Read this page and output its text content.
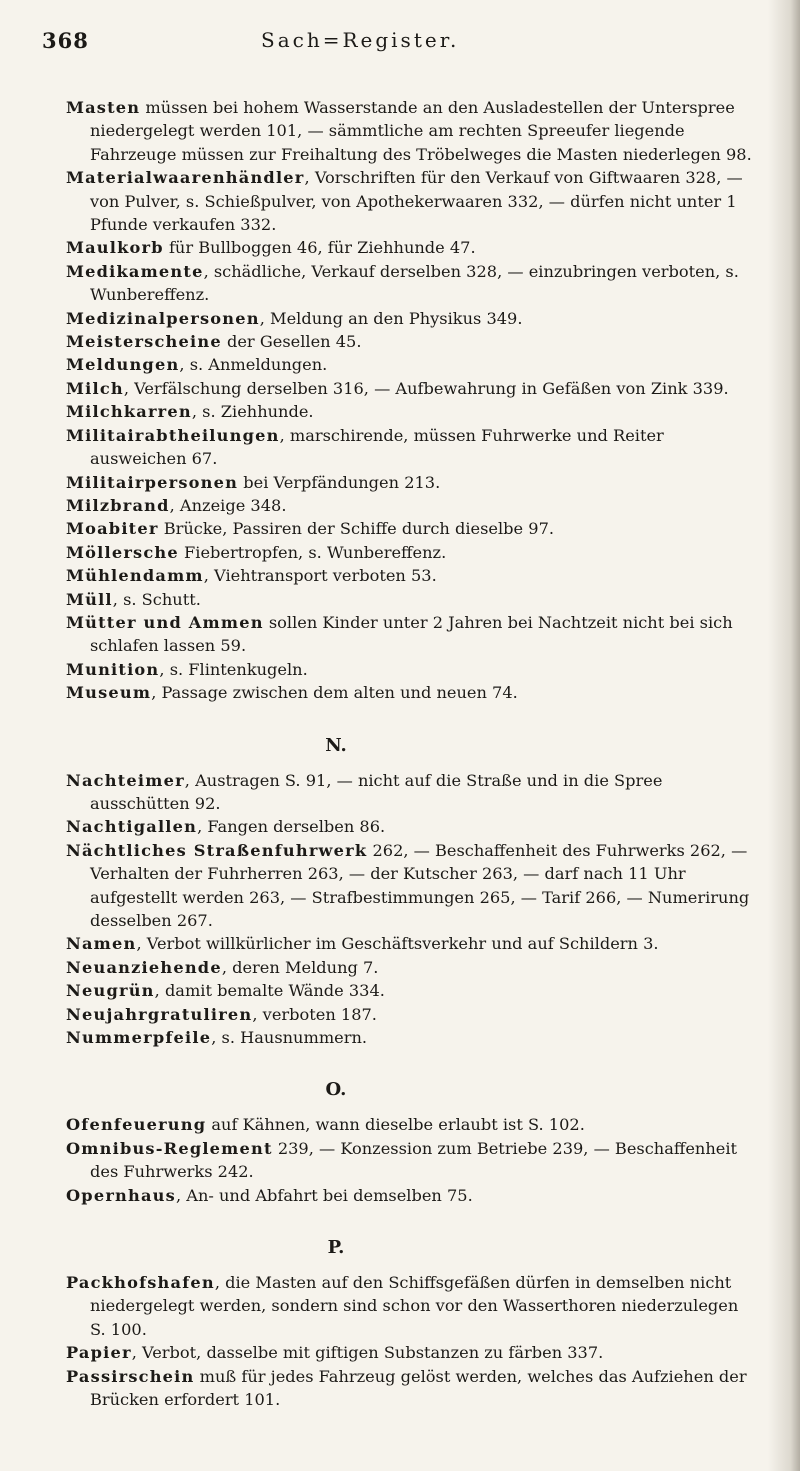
368	Sach=Register.

Masten müssen bei hohem Wasserstande an den Ausladestellen der Unterspree niedergelegt werden 101, — sämmtliche am rechten Spreeufer liegende Fahrzeuge müssen zur Freihaltung des Tröbelweges die Masten niederlegen 98.

Materialwaarenhändler, Vorschriften für den Verkauf von Giftwaaren 328, — von Pulver, s. Schießpulver, von Apothekerwaaren 332, — dürfen nicht unter 1 Pfunde verkaufen 332.

Maulkorb für Bullboggen 46, für Ziehhunde 47.

Medikamente, schädliche, Verkauf derselben 328, — einzubringen verboten, s. Wunbereffenz.

Medizinalpersonen, Meldung an den Physikus 349.

Meisterscheine der Gesellen 45.

Meldungen, s. Anmeldungen.

Milch, Verfälschung derselben 316, — Aufbewahrung in Gefäßen von Zink 339.

Milchkarren, s. Ziehhunde.

Militairabtheilungen, marschirende, müssen Fuhrwerke und Reiter ausweichen 67.

Militairpersonen bei Verpfändungen 213.

Milzbrand, Anzeige 348.

Moabiter Brücke, Passiren der Schiffe durch dieselbe 97.

Möllersche Fiebertropfen, s. Wunbereffenz.

Mühlendamm, Viehtransport verboten 53.

Müll, s. Schutt.

Mütter und Ammen sollen Kinder unter 2 Jahren bei Nachtzeit nicht bei sich schlafen lassen 59.

Munition, s. Flintenkugeln.

Museum, Passage zwischen dem alten und neuen 74.

N.

Nachteimer, Austragen S. 91, — nicht auf die Straße und in die Spree ausschütten 92.

Nachtigallen, Fangen derselben 86.

Nächtliches Straßenfuhrwerk 262, — Beschaffenheit des Fuhrwerks 262, — Verhalten der Fuhrherren 263, — der Kutscher 263, — darf nach 11 Uhr aufgestellt werden 263, — Strafbestimmungen 265, — Tarif 266, — Numerirung desselben 267.

Namen, Verbot willkürlicher im Geschäftsverkehr und auf Schildern 3.

Neuanziehende, deren Meldung 7.

Neugrün, damit bemalte Wände 334.

Neujahrgratuliren, verboten 187.

Nummerpfeile, s. Hausnummern.

O.

Ofenfeuerung auf Kähnen, wann dieselbe erlaubt ist S. 102.

Omnibus-Reglement 239, — Konzession zum Betriebe 239, — Beschaffenheit des Fuhrwerks 242.

Opernhaus, An- und Abfahrt bei demselben 75.

P.

Packhofshafen, die Masten auf den Schiffsgefäßen dürfen in demselben nicht niedergelegt werden, sondern sind schon vor den Wasserthoren niederzulegen S. 100.

Papier, Verbot, dasselbe mit giftigen Substanzen zu färben 337.

Passirschein muß für jedes Fahrzeug gelöst werden, welches das Aufziehen der Brücken erfordert 101.
